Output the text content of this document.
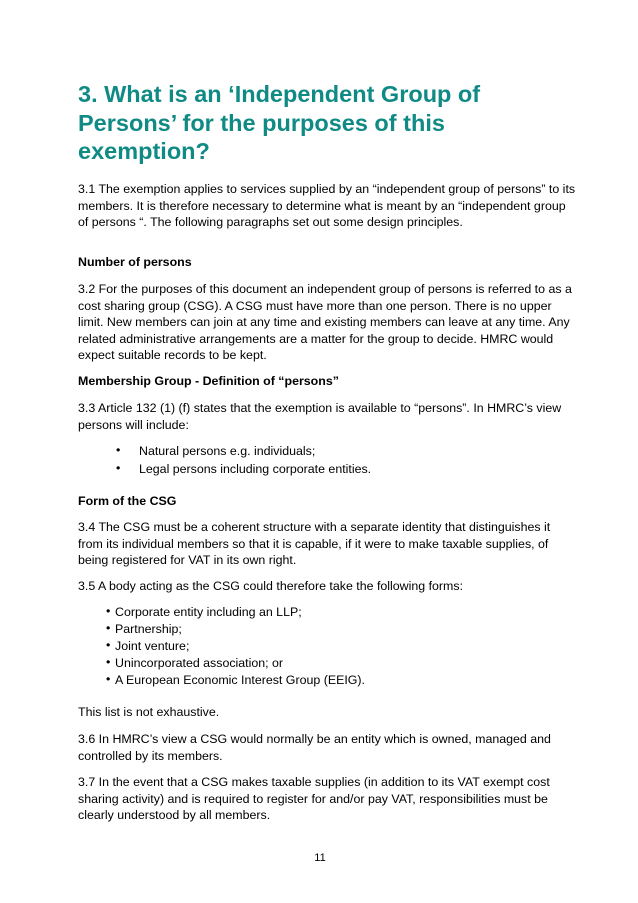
3. What is an ‘Independent Group of Persons’ for the purposes of this exemption?

3.1 The exemption applies to services supplied by an “independent group of persons” to its members. It is therefore necessary to determine what is meant by an “independent group of persons “. The following paragraphs set out some design principles.

Number of persons

3.2 For the purposes of this document an independent group of persons is referred to as a cost sharing group (CSG). A CSG must have more than one person. There is no upper limit. New members can join at any time and existing members can leave at any time. Any related administrative arrangements are a matter for the group to decide. HMRC would expect suitable records to be kept.

Membership Group - Definition of “persons”

3.3 Article 132 (1) (f) states that the exemption is available to “persons”. In HMRC’s view persons will include:

• Natural persons e.g. individuals;
• Legal persons including corporate entities.

Form of the CSG

3.4 The CSG must be a coherent structure with a separate identity that distinguishes it from its individual members so that it is capable, if it were to make taxable supplies, of being registered for VAT in its own right.

3.5 A body acting as the CSG could therefore take the following forms:

• Corporate entity including an LLP;
• Partnership;
• Joint venture;
• Unincorporated association; or
• A European Economic Interest Group (EEIG).

This list is not exhaustive.

3.6 In HMRC’s view a CSG would normally be an entity which is owned, managed and controlled by its members.

3.7 In the event that a CSG makes taxable supplies (in addition to its VAT exempt cost sharing activity) and is required to register for and/or pay VAT, responsibilities must be clearly understood by all members.

11
